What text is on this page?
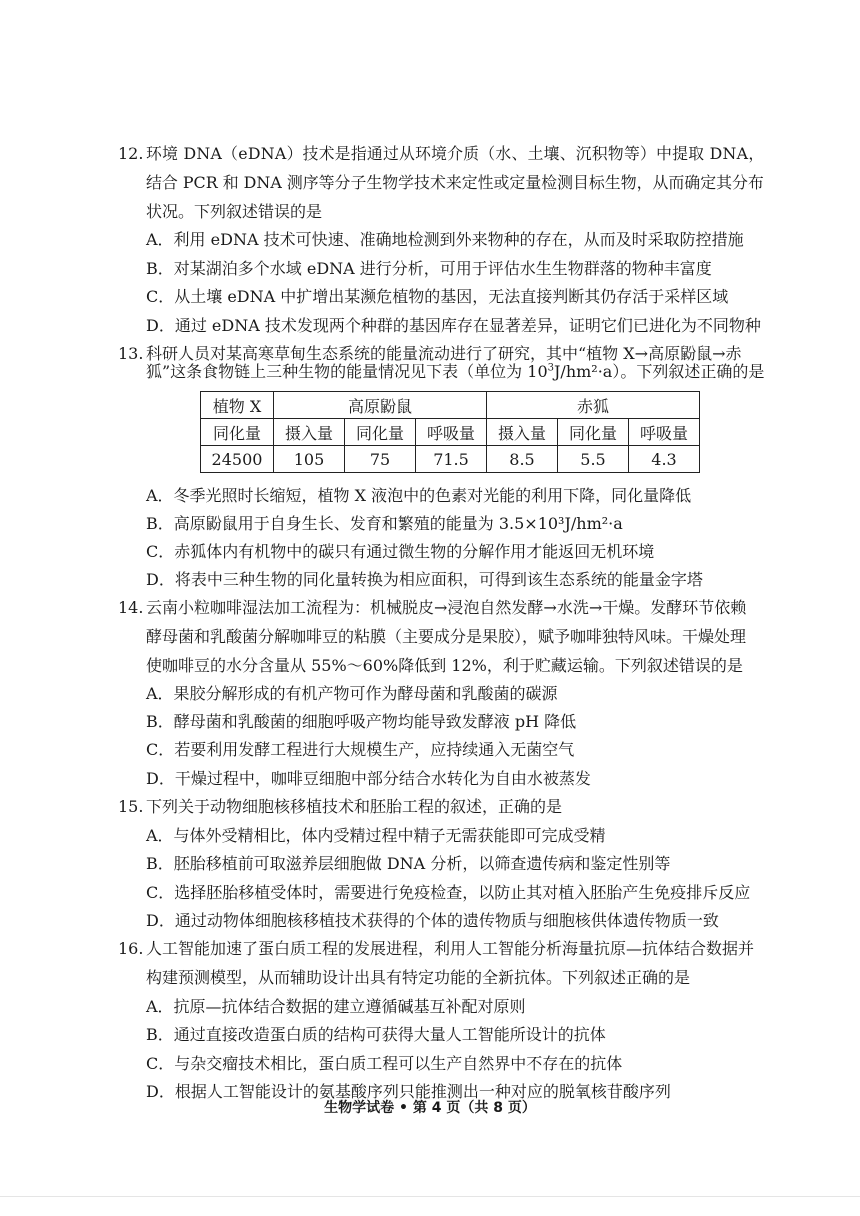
12. 环境 DNA（eDNA）技术是指通过从环境介质（水、土壤、沉积物等）中提取 DNA，
结合 PCR 和 DNA 测序等分子生物学技术来定性或定量检测目标生物，从而确定其分布
状况。下列叙述错误的是
A．利用 eDNA 技术可快速、准确地检测到外来物种的存在，从而及时采取防控措施
B．对某湖泊多个水域 eDNA 进行分析，可用于评估水生生物群落的物种丰富度
C．从土壤 eDNA 中扩增出某濒危植物的基因，无法直接判断其仍存活于采样区域
D．通过 eDNA 技术发现两个种群的基因库存在显著差异，证明它们已进化为不同物种
13. 科研人员对某高寒草甸生态系统的能量流动进行了研究，其中“植物 X→高原鼢鼠→赤
狐”这条食物链上三种生物的能量情况见下表（单位为 $10^3J/hm^2\cdot a$）。下列叙述正确的是
植物 X	高原鼢鼠			赤狐		
同化量	摄入量	同化量	呼吸量	摄入量	同化量	呼吸量
24500	105	75	71.5	8.5	5.5	4.3
A．冬季光照时长缩短，植物 X 液泡中的色素对光能的利用下降，同化量降低
B．高原鼢鼠用于自身生长、发育和繁殖的能量为 3.5×10³J/hm²·a
C．赤狐体内有机物中的碳只有通过微生物的分解作用才能返回无机环境
D．将表中三种生物的同化量转换为相应面积，可得到该生态系统的能量金字塔
14. 云南小粒咖啡湿法加工流程为：机械脱皮→浸泡自然发酵→水洗→干燥。发酵环节依赖
酵母菌和乳酸菌分解咖啡豆的粘膜（主要成分是果胶），赋予咖啡独特风味。干燥处理
使咖啡豆的水分含量从 55%～60%降低到 12%，利于贮藏运输。下列叙述错误的是
A．果胶分解形成的有机产物可作为酵母菌和乳酸菌的碳源
B．酵母菌和乳酸菌的细胞呼吸产物均能导致发酵液 pH 降低
C．若要利用发酵工程进行大规模生产，应持续通入无菌空气
D．干燥过程中，咖啡豆细胞中部分结合水转化为自由水被蒸发
15. 下列关于动物细胞核移植技术和胚胎工程的叙述，正确的是
A．与体外受精相比，体内受精过程中精子无需获能即可完成受精
B．胚胎移植前可取滋养层细胞做 DNA 分析，以筛查遗传病和鉴定性别等
C．选择胚胎移植受体时，需要进行免疫检查，以防止其对植入胚胎产生免疫排斥反应
D．通过动物体细胞核移植技术获得的个体的遗传物质与细胞核供体遗传物质一致
16. 人工智能加速了蛋白质工程的发展进程，利用人工智能分析海量抗原—抗体结合数据并
构建预测模型，从而辅助设计出具有特定功能的全新抗体。下列叙述正确的是
A．抗原—抗体结合数据的建立遵循碱基互补配对原则
B．通过直接改造蛋白质的结构可获得大量人工智能所设计的抗体
C．与杂交瘤技术相比，蛋白质工程可以生产自然界中不存在的抗体
D．根据人工智能设计的氨基酸序列只能推测出一种对应的脱氧核苷酸序列
生物学试卷 • 第 4 页（共 8 页）
